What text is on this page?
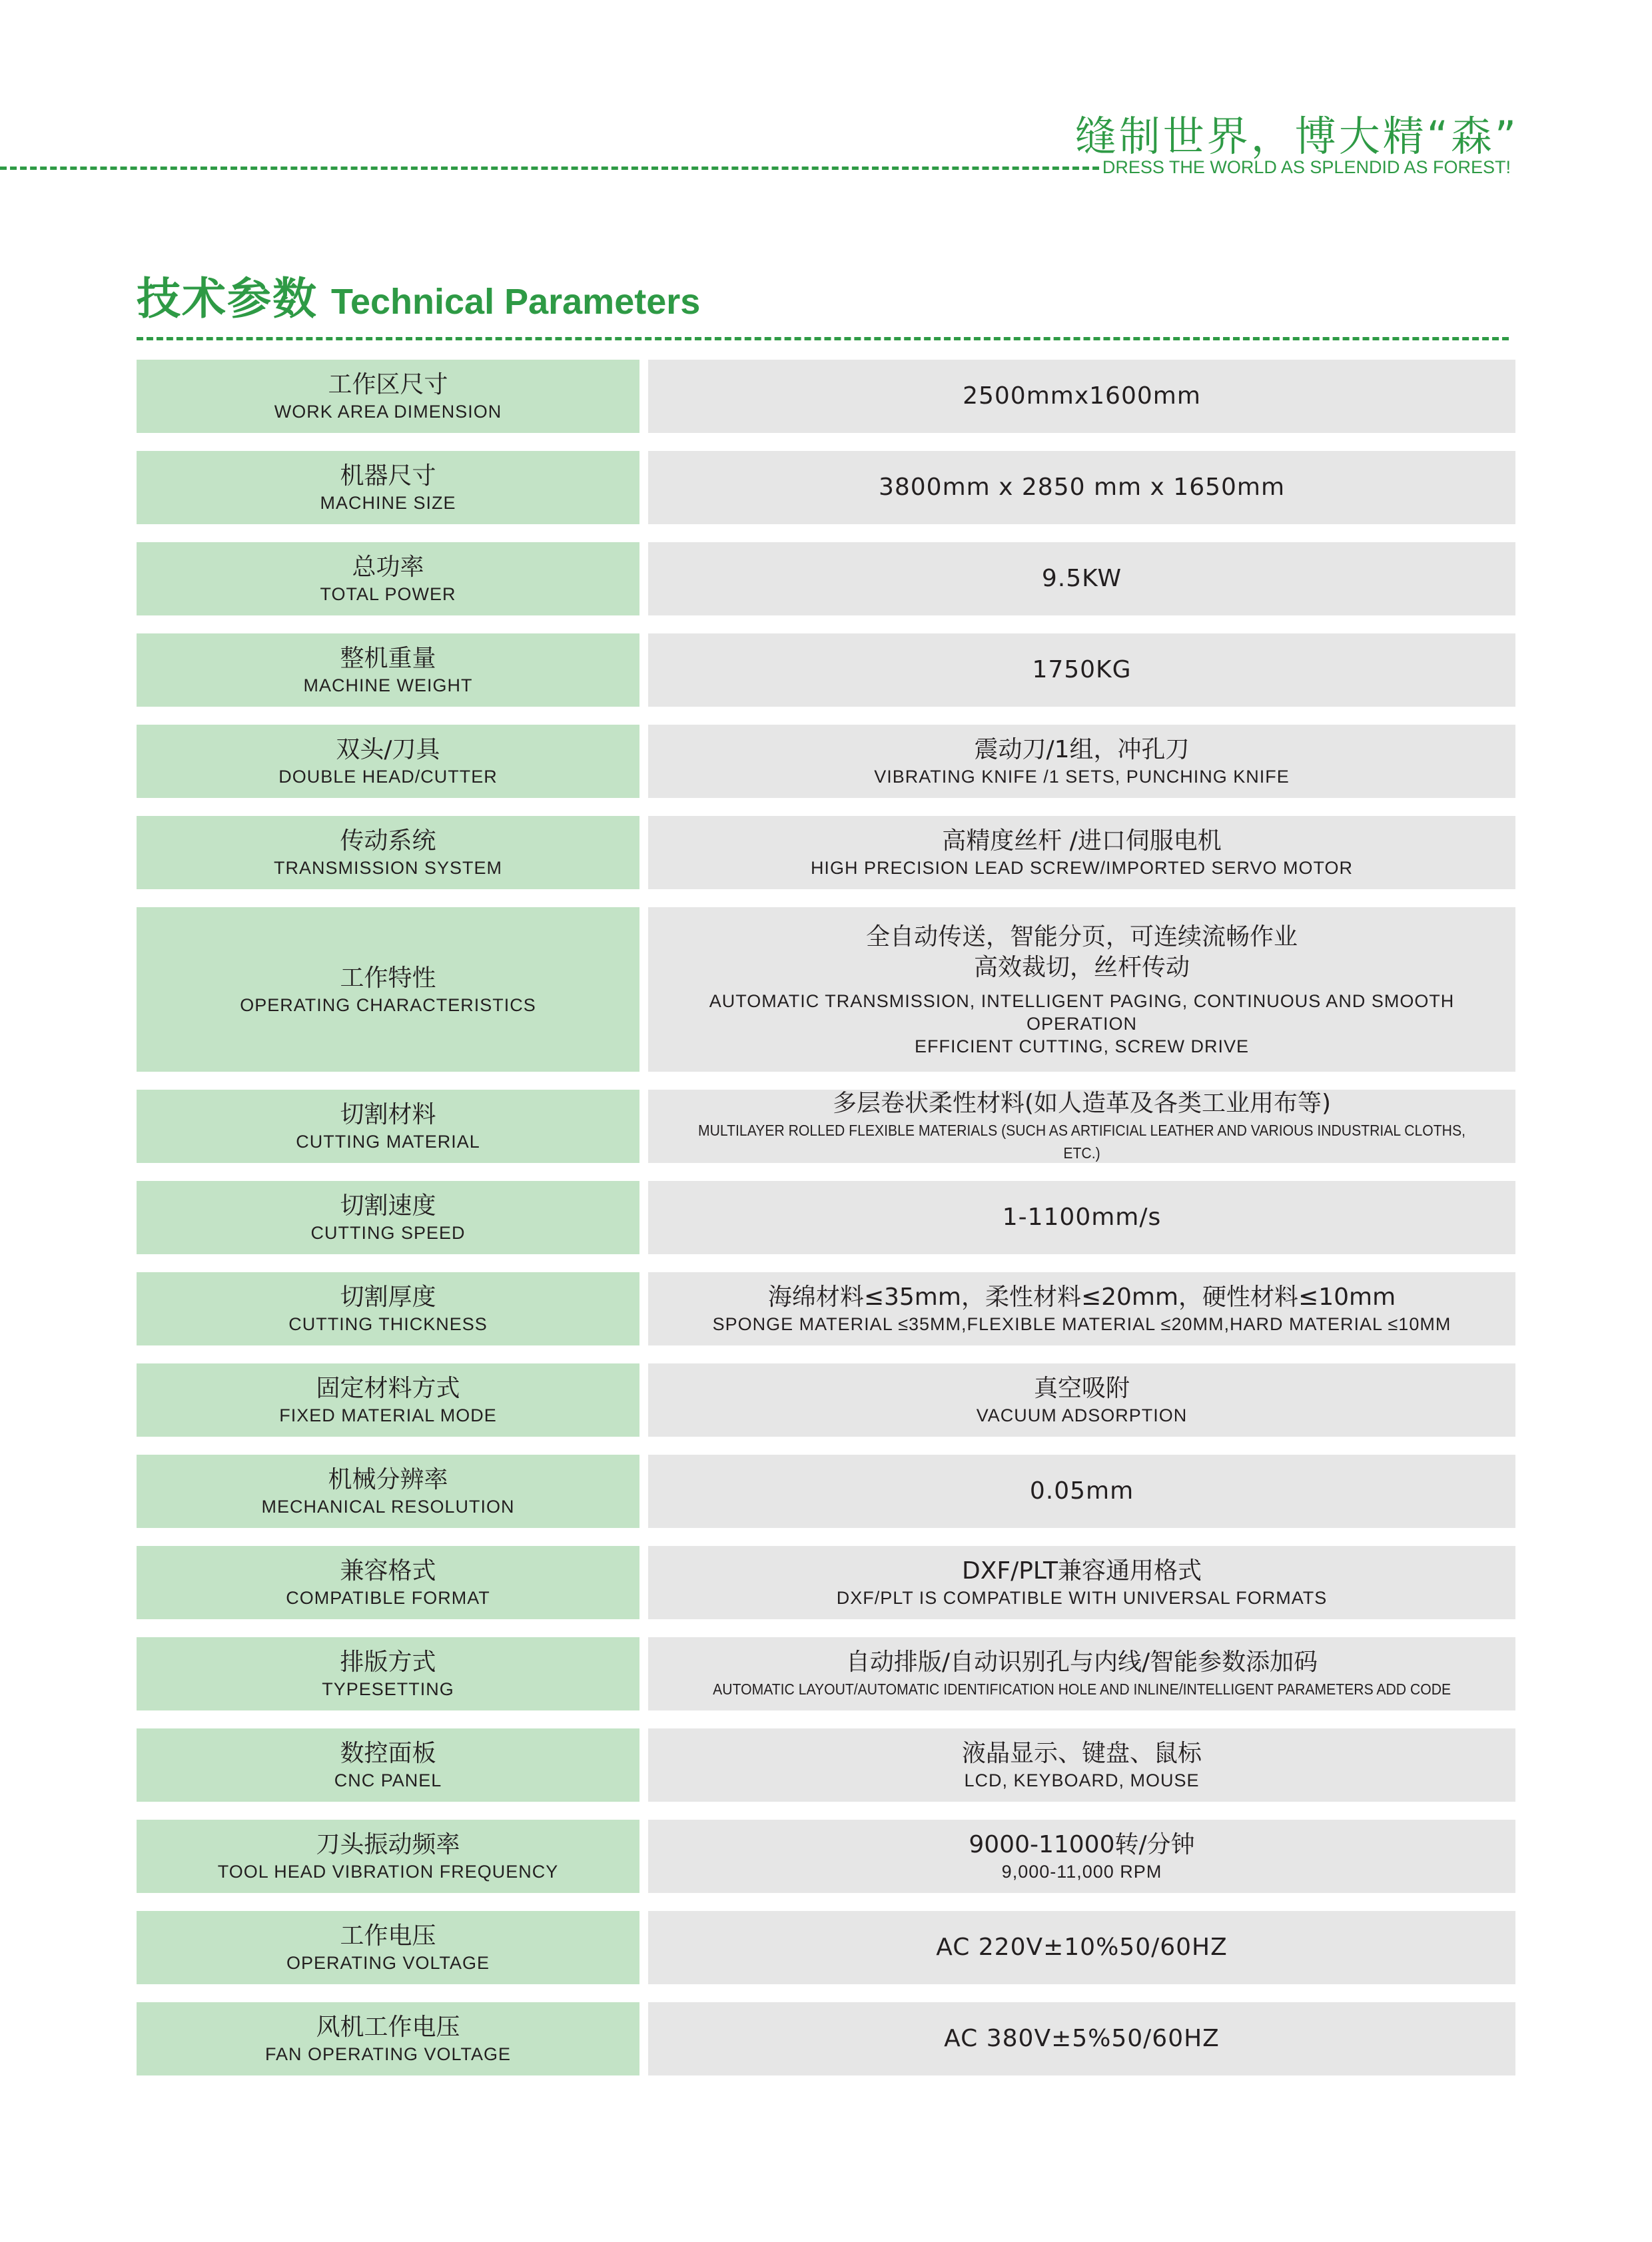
缝制世界，博大精“森”
DRESS THE WORLD AS SPLENDID AS FOREST!
技术参数 Technical Parameters
工作区尺寸
WORK AREA DIMENSION
2500mmx1600mm
机器尺寸
MACHINE SIZE
3800mm x 2850 mm x 1650mm
总功率
TOTAL POWER
9.5KW
整机重量
MACHINE WEIGHT
1750KG
双头/刀具
DOUBLE HEAD/CUTTER
震动刀/1组，冲孔刀
VIBRATING KNIFE /1 SETS, PUNCHING KNIFE
传动系统
TRANSMISSION SYSTEM
高精度丝杆 /进口伺服电机
HIGH PRECISION LEAD SCREW/IMPORTED SERVO MOTOR
工作特性
OPERATING CHARACTERISTICS
全自动传送，智能分页，可连续流畅作业
高效裁切，丝杆传动
AUTOMATIC TRANSMISSION, INTELLIGENT PAGING, CONTINUOUS AND SMOOTH OPERATION
EFFICIENT CUTTING, SCREW DRIVE
切割材料
CUTTING MATERIAL
多层卷状柔性材料(如人造革及各类工业用布等)
MULTILAYER ROLLED FLEXIBLE MATERIALS (SUCH AS ARTIFICIAL LEATHER AND VARIOUS INDUSTRIAL CLOTHS, ETC.)
切割速度
CUTTING SPEED
1-1100mm/s
切割厚度
CUTTING THICKNESS
海绵材料≤35mm，柔性材料≤20mm，硬性材料≤10mm
SPONGE MATERIAL ≤35MM,FLEXIBLE MATERIAL ≤20MM,HARD MATERIAL ≤10MM
固定材料方式
FIXED MATERIAL MODE
真空吸附
VACUUM ADSORPTION
机械分辨率
MECHANICAL RESOLUTION
0.05mm
兼容格式
COMPATIBLE FORMAT
DXF/PLT兼容通用格式
DXF/PLT IS COMPATIBLE WITH UNIVERSAL FORMATS
排版方式
TYPESETTING
自动排版/自动识别孔与内线/智能参数添加码
AUTOMATIC LAYOUT/AUTOMATIC IDENTIFICATION HOLE AND INLINE/INTELLIGENT PARAMETERS ADD CODE
数控面板
CNC PANEL
液晶显示、键盘、鼠标
LCD, KEYBOARD, MOUSE
刀头振动频率
TOOL HEAD VIBRATION FREQUENCY
9000-11000转/分钟
9,000-11,000 RPM
工作电压
OPERATING VOLTAGE
AC 220V±10%50/60HZ
风机工作电压
FAN OPERATING VOLTAGE
AC 380V±5%50/60HZ
